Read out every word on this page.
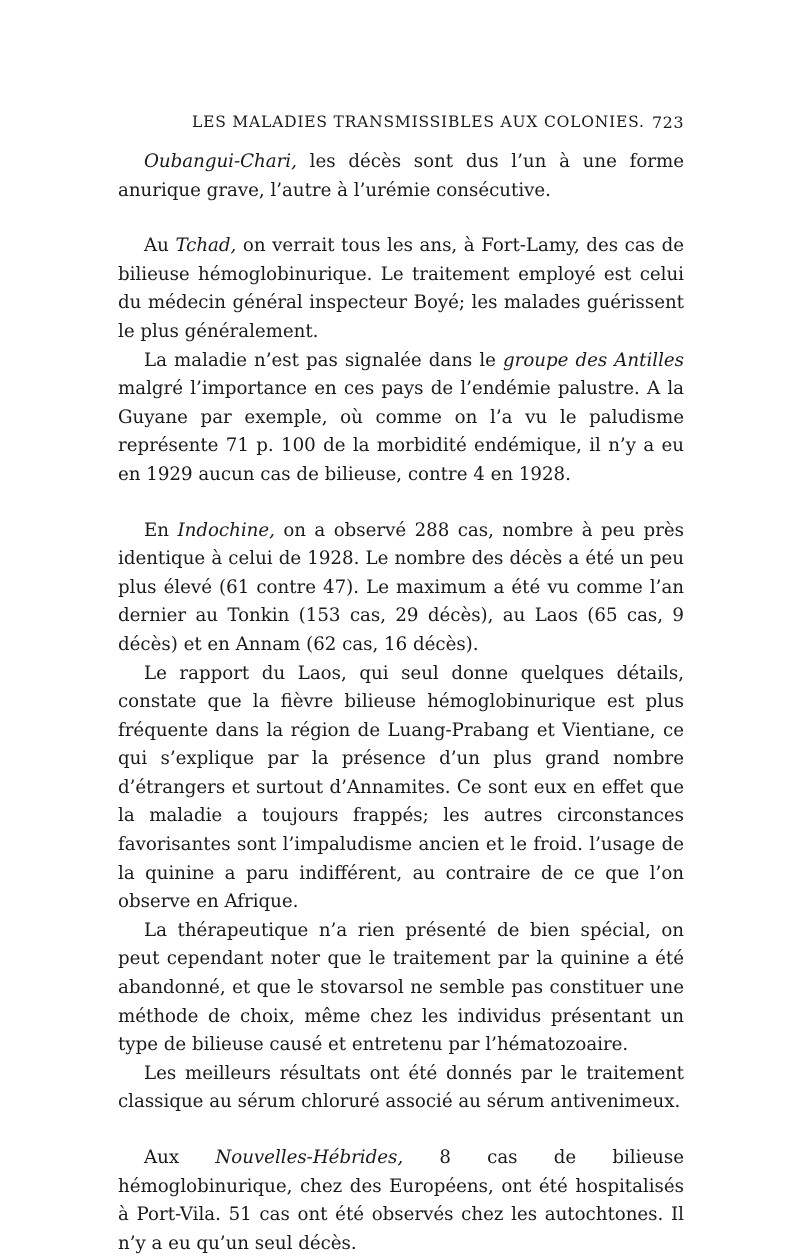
LES MALADIES TRANSMISSIBLES AUX COLONIES. 723

Oubangui-Chari, les décès sont dus l’un à une forme anurique grave, l’autre à l’urémie consécutive.

Au Tchad, on verrait tous les ans, à Fort-Lamy, des cas de bilieuse hémoglobinurique. Le traitement employé est celui du médecin général inspecteur Boyé; les malades guérissent le plus généralement.

La maladie n’est pas signalée dans le groupe des Antilles malgré l’importance en ces pays de l’endémie palustre. A la Guyane par exemple, où comme on l’a vu le paludisme représente 71 p. 100 de la morbidité endémique, il n’y a eu en 1929 aucun cas de bilieuse, contre 4 en 1928.

En Indochine, on a observé 288 cas, nombre à peu près identique à celui de 1928. Le nombre des décès a été un peu plus élevé (61 contre 47). Le maximum a été vu comme l’an dernier au Tonkin (153 cas, 29 décès), au Laos (65 cas, 9 décès) et en Annam (62 cas, 16 décès).

Le rapport du Laos, qui seul donne quelques détails, constate que la fièvre bilieuse hémoglobinurique est plus fréquente dans la région de Luang-Prabang et Vientiane, ce qui s’explique par la présence d’un plus grand nombre d’étrangers et surtout d’Annamites. Ce sont eux en effet que la maladie a toujours frappés; les autres circonstances favorisantes sont l’impaludisme ancien et le froid. l’usage de la quinine a paru indifférent, au contraire de ce que l’on observe en Afrique.

La thérapeutique n’a rien présenté de bien spécial, on peut cependant noter que le traitement par la quinine a été abandonné, et que le stovarsol ne semble pas constituer une méthode de choix, même chez les individus présentant un type de bilieuse causé et entretenu par l’hématozoaire.

Les meilleurs résultats ont été donnés par le traitement classique au sérum chloruré associé au sérum antivenimeux.

Aux Nouvelles-Hébrides, 8 cas de bilieuse hémoglobinurique, chez des Européens, ont été hospitalisés à Port-Vila. 51 cas ont été observés chez les autochtones. Il n’y a eu qu’un seul décès.
